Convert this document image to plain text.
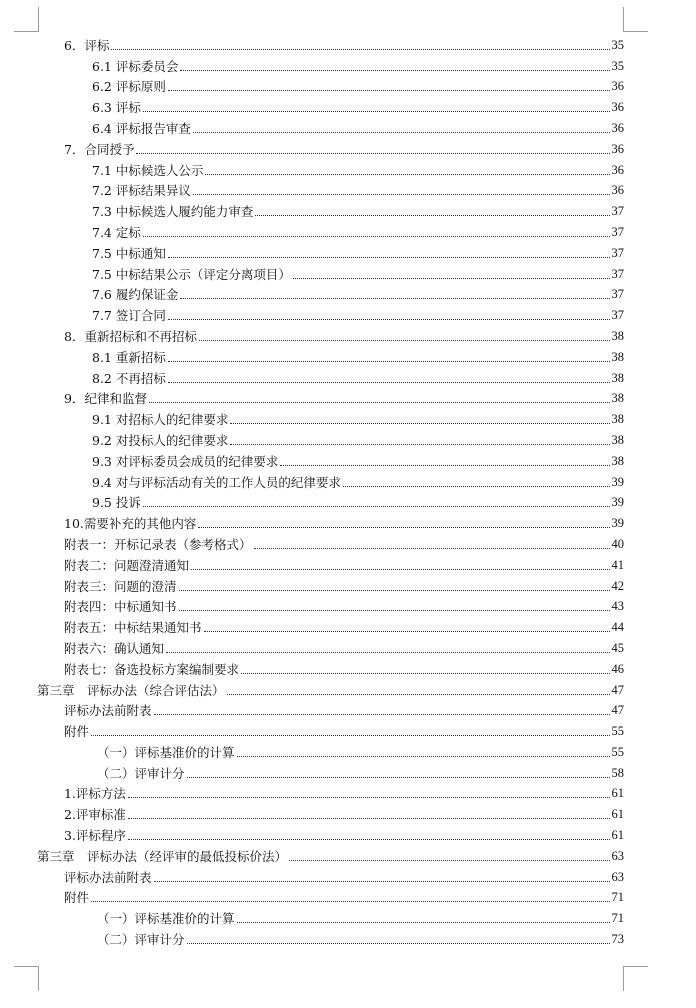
6．评标	35
6.1 评标委员会	35
6.2 评标原则	36
6.3 评标	36
6.4 评标报告审查	36
7．合同授予	36
7.1 中标候选人公示	36
7.2 评标结果异议	36
7.3 中标候选人履约能力审查	37
7.4 定标	37
7.5 中标通知	37
7.5 中标结果公示（评定分离项目）	37
7.6 履约保证金	37
7.7 签订合同	37
8．重新招标和不再招标	38
8.1 重新招标	38
8.2 不再招标	38
9．纪律和监督	38
9.1 对招标人的纪律要求	38
9.2 对投标人的纪律要求	38
9.3 对评标委员会成员的纪律要求	38
9.4 对与评标活动有关的工作人员的纪律要求	39
9.5 投诉	39
10.需要补充的其他内容	39
附表一：开标记录表（参考格式）	40
附表二：问题澄清通知	41
附表三：问题的澄清	42
附表四：中标通知书	43
附表五：中标结果通知书	44
附表六：确认通知	45
附表七：备选投标方案编制要求	46
第三章　评标办法（综合评估法）	47
评标办法前附表	47
附件	55
（一）评标基准价的计算	55
（二）评审计分	58
1.评标方法	61
2.评审标准	61
3.评标程序	61
第三章　评标办法（经评审的最低投标价法）	63
评标办法前附表	63
附件	71
（一）评标基准价的计算	71
（二）评审计分	73
